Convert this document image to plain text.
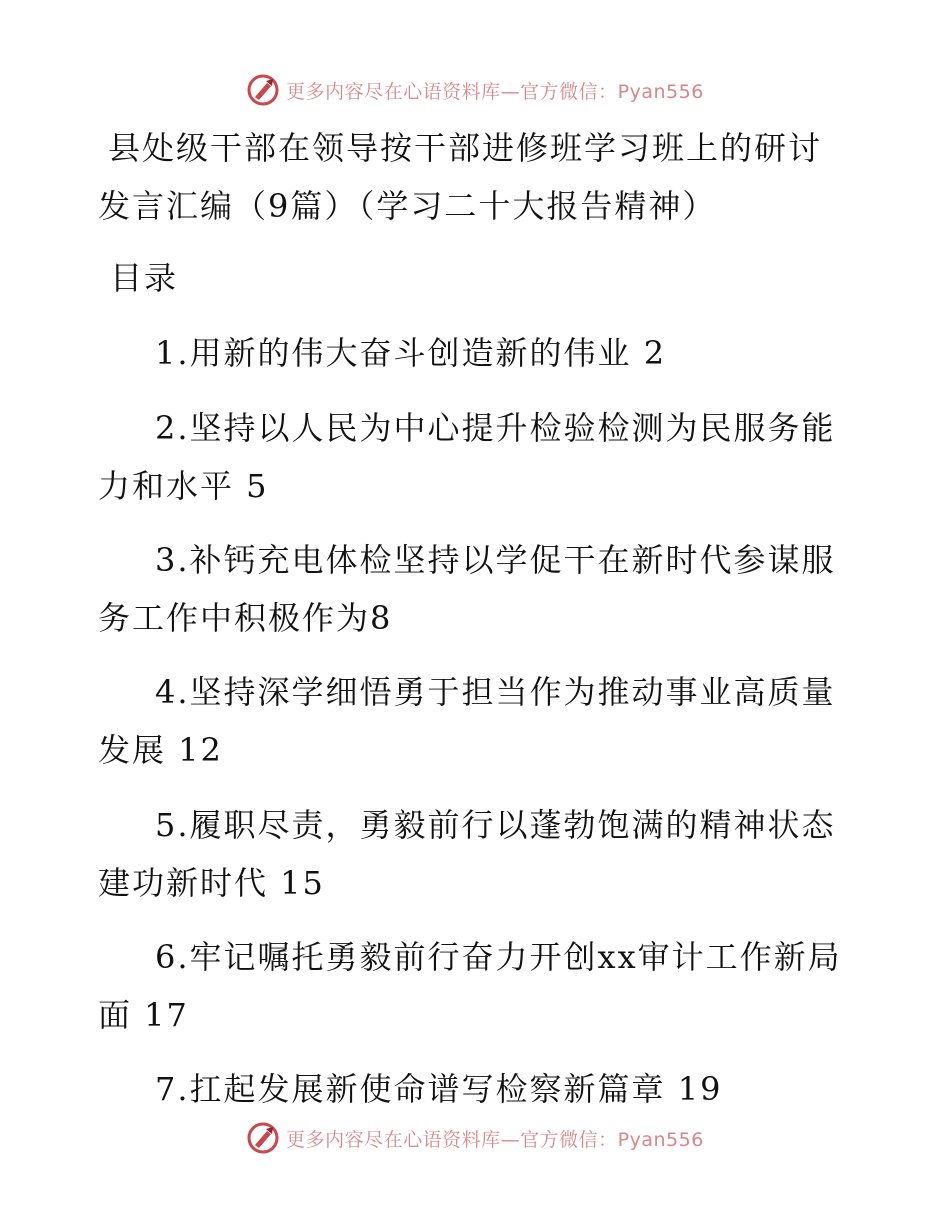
更多内容尽在心语资料库—官方微信：Pyan556
县处级干部在领导按干部进修班学习班上的研讨
发言汇编（9篇）（学习二十大报告精神）
目录
1.用新的伟大奋斗创造新的伟业 2
2.坚持以人民为中心提升检验检测为民服务能
力和水平 5
3.补钙充电体检坚持以学促干在新时代参谋服
务工作中积极作为8
4.坚持深学细悟勇于担当作为推动事业高质量
发展 12
5.履职尽责，勇毅前行以蓬勃饱满的精神状态
建功新时代 15
6.牢记嘱托勇毅前行奋力开创xx审计工作新局
面 17
7.扛起发展新使命谱写检察新篇章 19
更多内容尽在心语资料库—官方微信：Pyan556
